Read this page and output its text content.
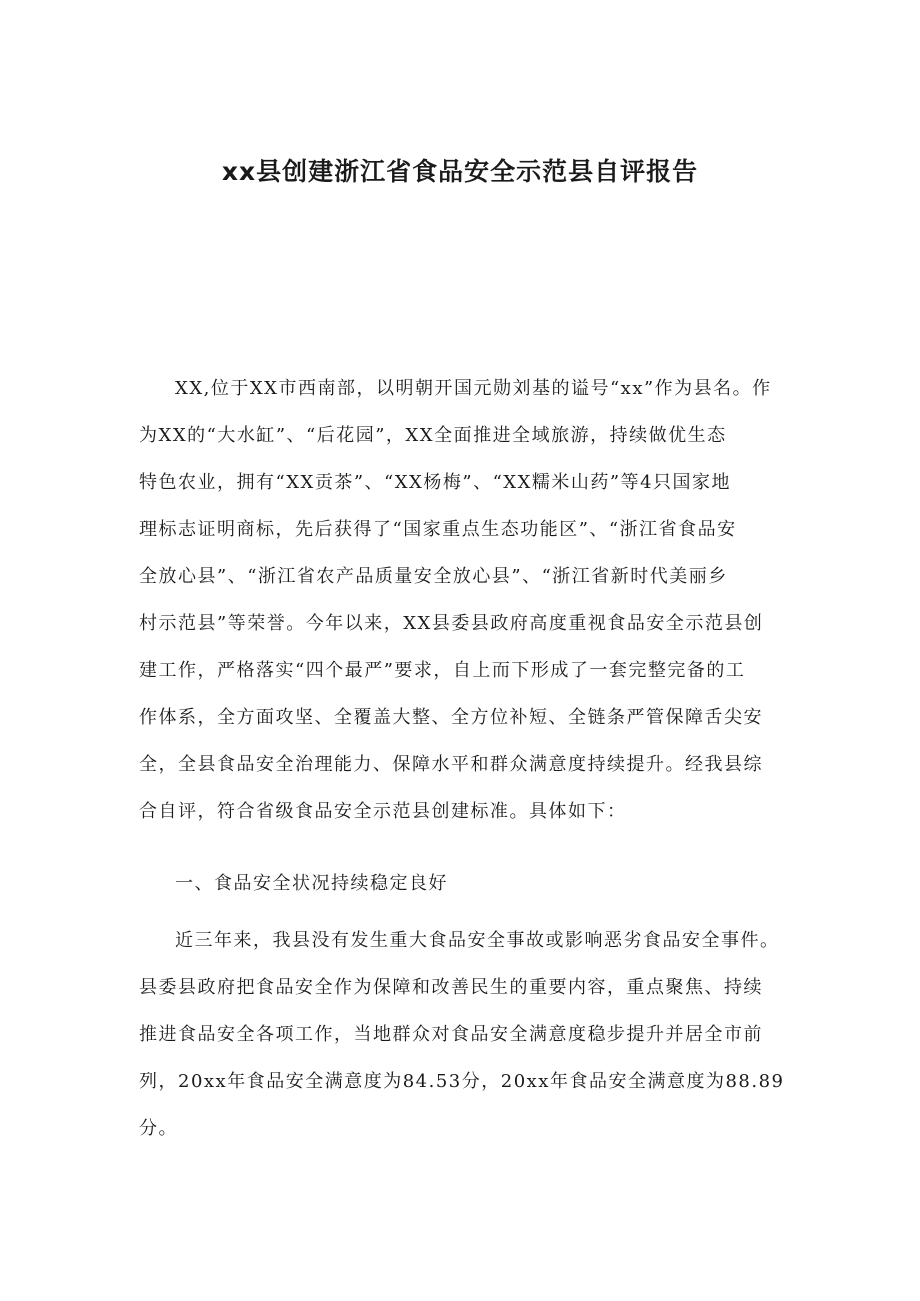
xx县创建浙江省食品安全示范县自评报告
XX,位于XX市西南部，以明朝开国元勋刘基的谥号“xx”作为县名。作
为XX的“大水缸”、“后花园”，XX全面推进全域旅游，持续做优生态
特色农业，拥有“XX贡茶”、“XX杨梅”、“XX糯米山药”等4只国家地
理标志证明商标，先后获得了“国家重点生态功能区”、“浙江省食品安
全放心县”、“浙江省农产品质量安全放心县”、“浙江省新时代美丽乡
村示范县”等荣誉。今年以来，XX县委县政府高度重视食品安全示范县创
建工作，严格落实“四个最严”要求，自上而下形成了一套完整完备的工
作体系，全方面攻坚、全覆盖大整、全方位补短、全链条严管保障舌尖安
全，全县食品安全治理能力、保障水平和群众满意度持续提升。经我县综
合自评，符合省级食品安全示范县创建标准。具体如下：
一、食品安全状况持续稳定良好
近三年来，我县没有发生重大食品安全事故或影响恶劣食品安全事件。
县委县政府把食品安全作为保障和改善民生的重要内容，重点聚焦、持续
推进食品安全各项工作，当地群众对食品安全满意度稳步提升并居全市前
列，20xx年食品安全满意度为84.53分，20xx年食品安全满意度为88.89
分。
